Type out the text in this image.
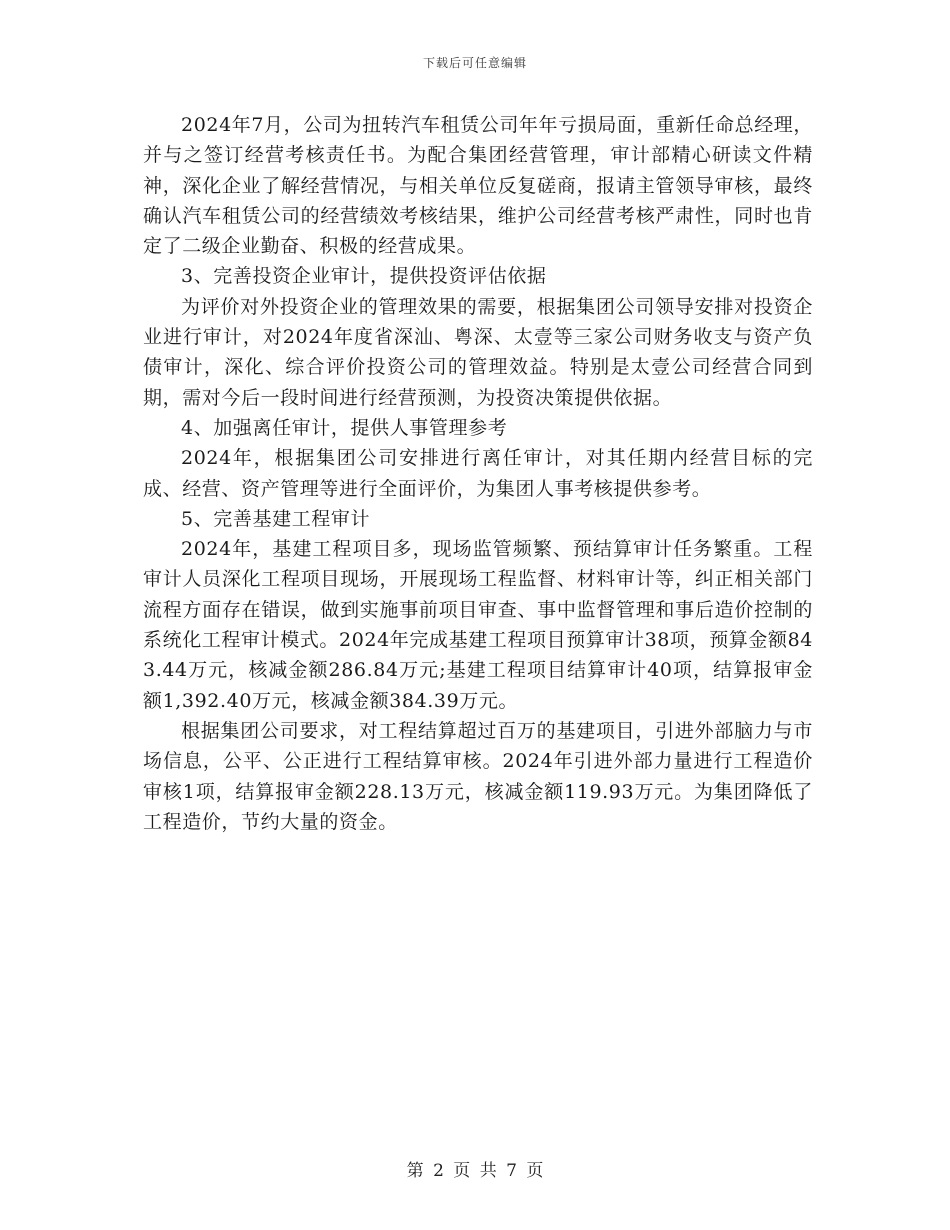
下载后可任意编辑

2024年7月，公司为扭转汽车租赁公司年年亏损局面，重新任命总经理，并与之签订经营考核责任书。为配合集团经营管理，审计部精心研读文件精神，深化企业了解经营情况，与相关单位反复磋商，报请主管领导审核，最终确认汽车租赁公司的经营绩效考核结果，维护公司经营考核严肃性，同时也肯定了二级企业勤奋、积极的经营成果。

3、完善投资企业审计，提供投资评估依据

为评价对外投资企业的管理效果的需要，根据集团公司领导安排对投资企业进行审计，对2024年度省深汕、粤深、太壹等三家公司财务收支与资产负债审计，深化、综合评价投资公司的管理效益。特别是太壹公司经营合同到期，需对今后一段时间进行经营预测，为投资决策提供依据。

4、加强离任审计，提供人事管理参考

2024年，根据集团公司安排进行离任审计，对其任期内经营目标的完成、经营、资产管理等进行全面评价，为集团人事考核提供参考。

5、完善基建工程审计

2024年，基建工程项目多，现场监管频繁、预结算审计任务繁重。工程审计人员深化工程项目现场，开展现场工程监督、材料审计等，纠正相关部门流程方面存在错误，做到实施事前项目审查、事中监督管理和事后造价控制的系统化工程审计模式。2024年完成基建工程项目预算审计38项，预算金额843.44万元，核减金额286.84万元;基建工程项目结算审计40项，结算报审金额1,392.40万元，核减金额384.39万元。

根据集团公司要求，对工程结算超过百万的基建项目，引进外部脑力与市场信息，公平、公正进行工程结算审核。2024年引进外部力量进行工程造价审核1项，结算报审金额228.13万元，核减金额119.93万元。为集团降低了工程造价，节约大量的资金。

第 2 页 共 7 页
